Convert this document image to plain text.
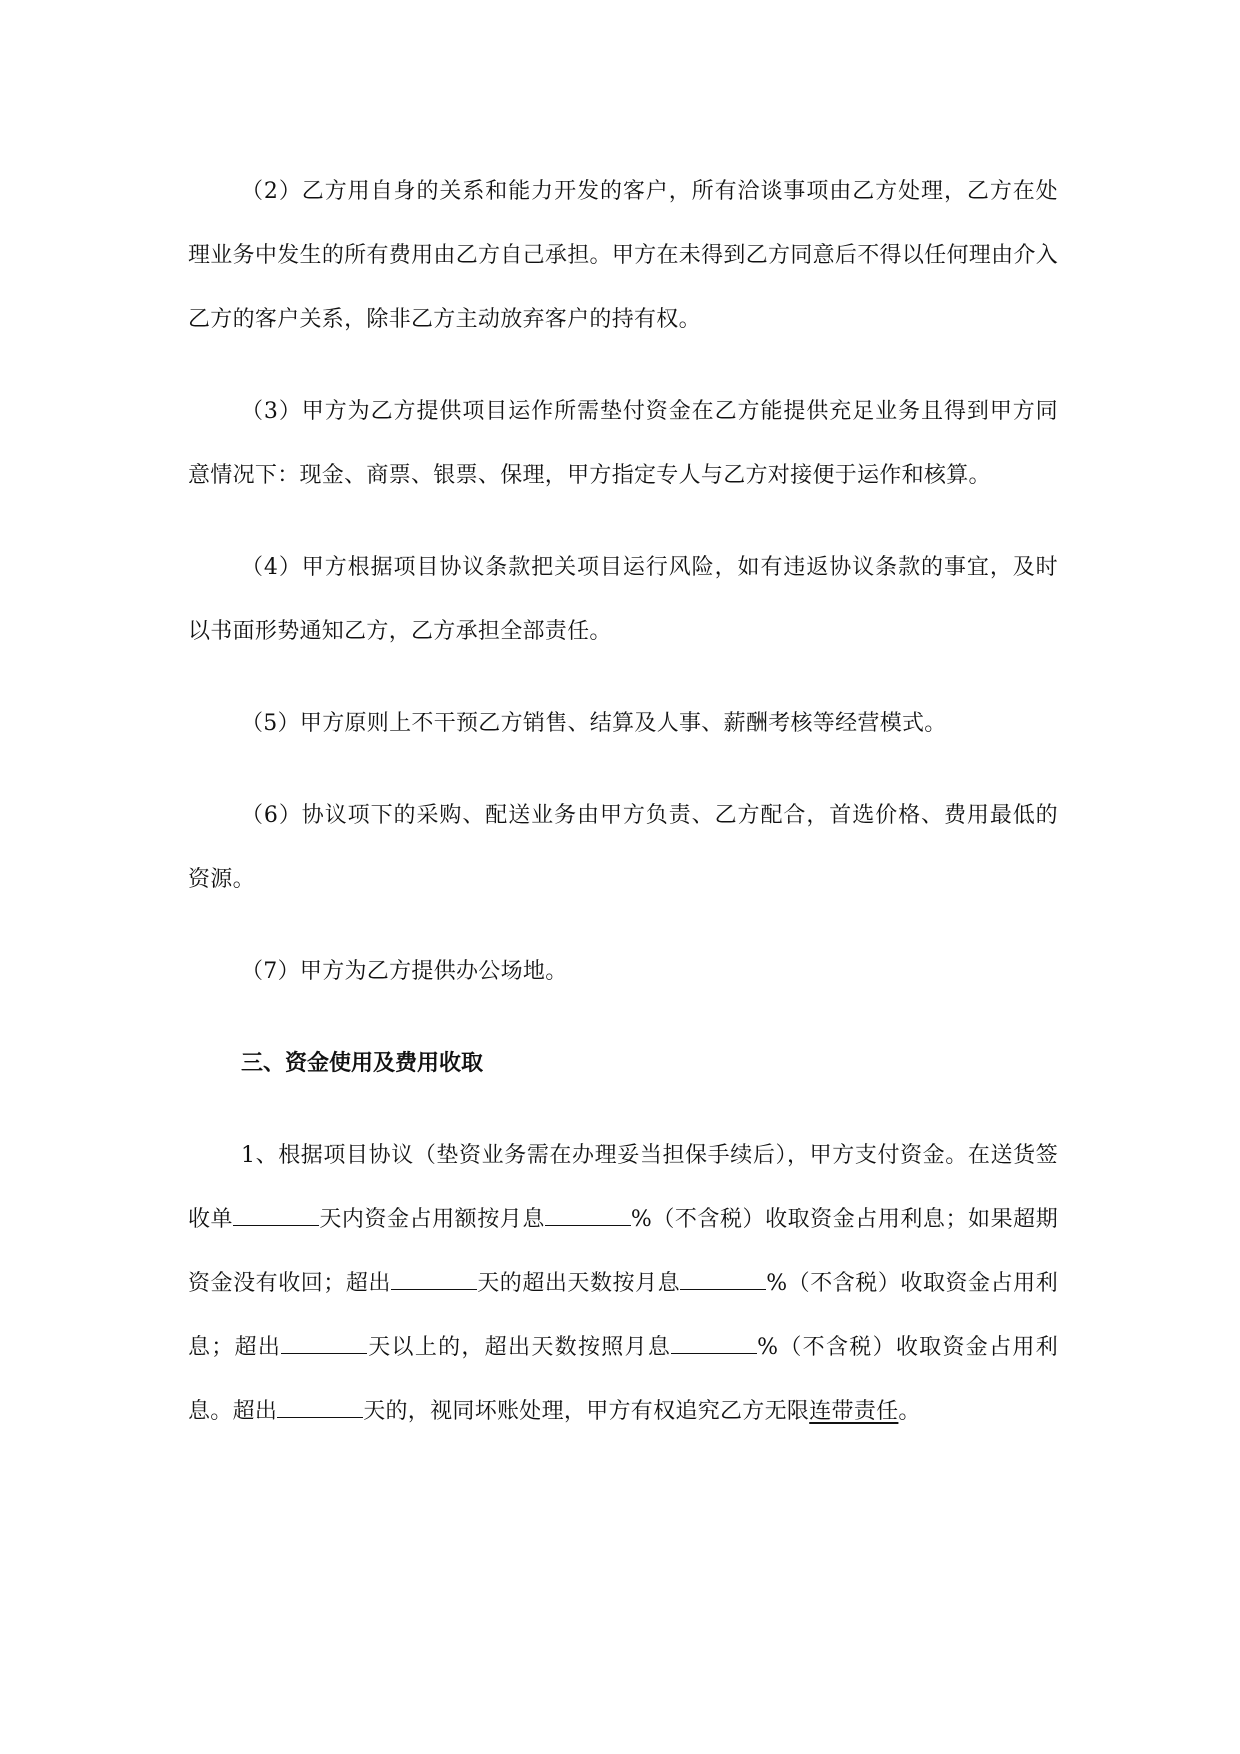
（2）乙方用自身的关系和能力开发的客户，所有洽谈事项由乙方处理，乙方在处理业务中发生的所有费用由乙方自己承担。甲方在未得到乙方同意后不得以任何理由介入乙方的客户关系，除非乙方主动放弃客户的持有权。

（3）甲方为乙方提供项目运作所需垫付资金在乙方能提供充足业务且得到甲方同意情况下：现金、商票、银票、保理，甲方指定专人与乙方对接便于运作和核算。

（4）甲方根据项目协议条款把关项目运行风险，如有违返协议条款的事宜，及时以书面形势通知乙方，乙方承担全部责任。

（5）甲方原则上不干预乙方销售、结算及人事、薪酬考核等经营模式。

（6）协议项下的采购、配送业务由甲方负责、乙方配合，首选价格、费用最低的资源。

（7）甲方为乙方提供办公场地。

三、资金使用及费用收取

1、根据项目协议（垫资业务需在办理妥当担保手续后），甲方支付资金。在送货签收单	天内资金占用额按月息	%（不含税）收取资金占用利息；如果超期资金没有收回；超出	天的超出天数按月息	%（不含税）收取资金占用利息；超出	天以上的，超出天数按照月息	%（不含税）收取资金占用利息。超出	天的，视同坏账处理，甲方有权追究乙方无限连带责任。
